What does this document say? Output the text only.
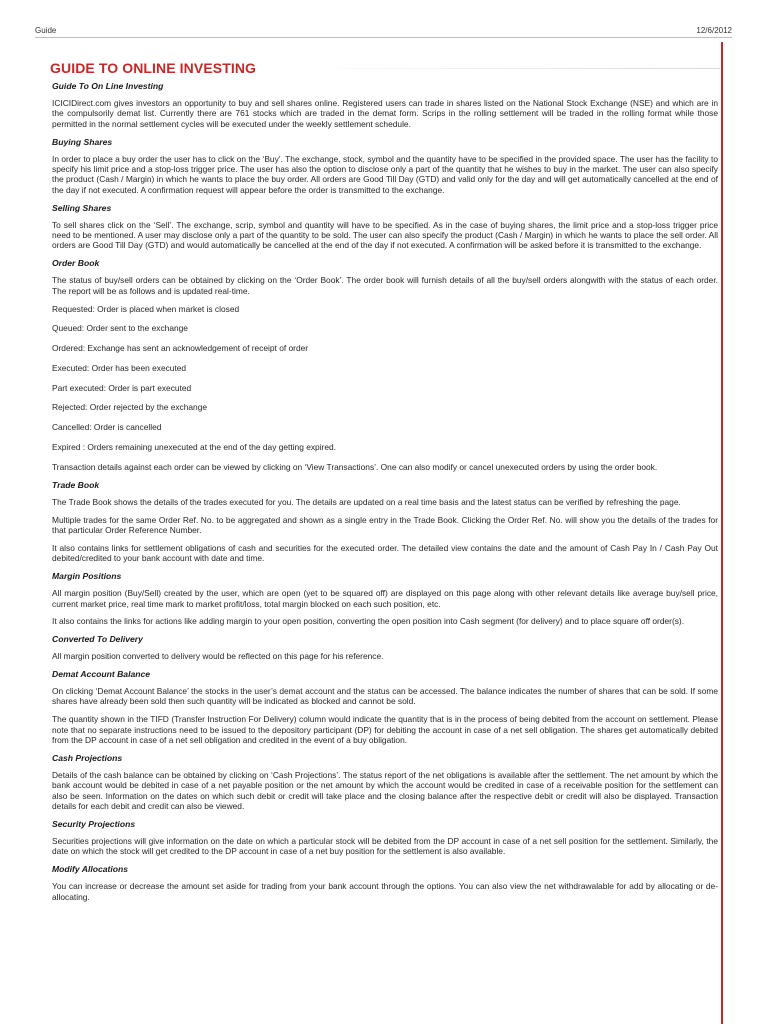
Guide	12/6/2012
GUIDE TO ONLINE INVESTING
Guide To On Line Investing

ICICIDirect.com gives investors an opportunity to buy and sell shares online. Registered users can trade in shares listed on the National Stock Exchange (NSE) and which are in the compulsorily demat list. Currently there are 761 stocks which are traded in the demat form. Scrips in the rolling settlement will be traded in the rolling format while those permitted in the normal settlement cycles will be executed under the weekly settlement schedule.

Buying Shares

In order to place a buy order the user has to click on the ‘Buy’. The exchange, stock, symbol and the quantity have to be specified in the provided space. The user has the facility to specify his limit price and a stop-loss trigger price. The user has also the option to disclose only a part of the quantity that he wishes to buy in the market. The user can also specify the product (Cash / Margin) in which he wants to place the buy order. All orders are Good Till Day (GTD) and valid only for the day and will get automatically cancelled at the end of the day if not executed. A confirmation request will appear before the order is transmitted to the exchange.

Selling Shares

To sell shares click on the ‘Sell’. The exchange, scrip, symbol and quantity will have to be specified. As in the case of buying shares, the limit price and a stop-loss trigger price need to be mentioned. A user may disclose only a part of the quantity to be sold. The user can also specify the product (Cash / Margin) in which he wants to place the sell order. All orders are Good Till Day (GTD) and would automatically be cancelled at the end of the day if not executed. A confirmation will be asked before it is transmitted to the exchange.

Order Book

The status of buy/sell orders can be obtained by clicking on the ‘Order Book’. The order book will furnish details of all the buy/sell orders alongwith with the status of each order. The report will be as follows and is updated real-time.

Requested: Order is placed when market is closed

Queued: Order sent to the exchange

Ordered: Exchange has sent an acknowledgement of receipt of order

Executed: Order has been executed

Part executed: Order is part executed

Rejected: Order rejected by the exchange

Cancelled: Order is cancelled

Expired : Orders remaining unexecuted at the end of the day getting expired.

Transaction details against each order can be viewed by clicking on ‘View Transactions’. One can also modify or cancel unexecuted orders by using the order book.

Trade Book

The Trade Book shows the details of the trades executed for you. The details are updated on a real time basis and the latest status can be verified by refreshing the page.

Multiple trades for the same Order Ref. No. to be aggregated and shown as a single entry in the Trade Book. Clicking the Order Ref. No. will show you the details of the trades for that particular Order Reference Number.

It also contains links for settlement obligations of cash and securities for the executed order. The detailed view contains the date and the amount of Cash Pay In / Cash Pay Out debited/credited to your bank account with date and time.

Margin Positions

All margin position (Buy/Sell) created by the user, which are open (yet to be squared off) are displayed on this page along with other relevant details like average buy/sell price, current market price, real time mark to market profit/loss, total margin blocked on each such position, etc.

It also contains the links for actions like adding margin to your open position, converting the open position into Cash segment (for delivery) and to place square off order(s).

Converted To Delivery

All margin position converted to delivery would be reflected on this page for his reference.

Demat Account Balance

On clicking ‘Demat Account Balance’ the stocks in the user’s demat account and the status can be accessed. The balance indicates the number of shares that can be sold. If some shares have already been sold then such quantity will be indicated as blocked and cannot be sold.

The quantity shown in the TIFD (Transfer Instruction For Delivery) column would indicate the quantity that is in the process of being debited from the account on settlement. Please note that no separate instructions need to be issued to the depository participant (DP) for debiting the account in case of a net sell obligation. The shares get automatically debited from the DP account in case of a net sell obligation and credited in the event of a buy obligation.

Cash Projections

Details of the cash balance can be obtained by clicking on ‘Cash Projections’. The status report of the net obligations is available after the settlement. The net amount by which the bank account would be debited in case of a net payable position or the net amount by which the account would be credited in case of a receivable position for the settlement can also be seen. Information on the dates on which such debit or credit will take place and the closing balance after the respective debit or credit will also be displayed. Transaction details for each debit and credit can also be viewed.

Security Projections

Securities projections will give information on the date on which a particular stock will be debited from the DP account in case of a net sell position for the settlement. Similarly, the date on which the stock will get credited to the DP account in case of a net buy position for the settlement is also available.

Modify Allocations

You can increase or decrease the amount set aside for trading from your bank account through the options. You can also view the net withdrawalable for add by allocating or de-allocating.
